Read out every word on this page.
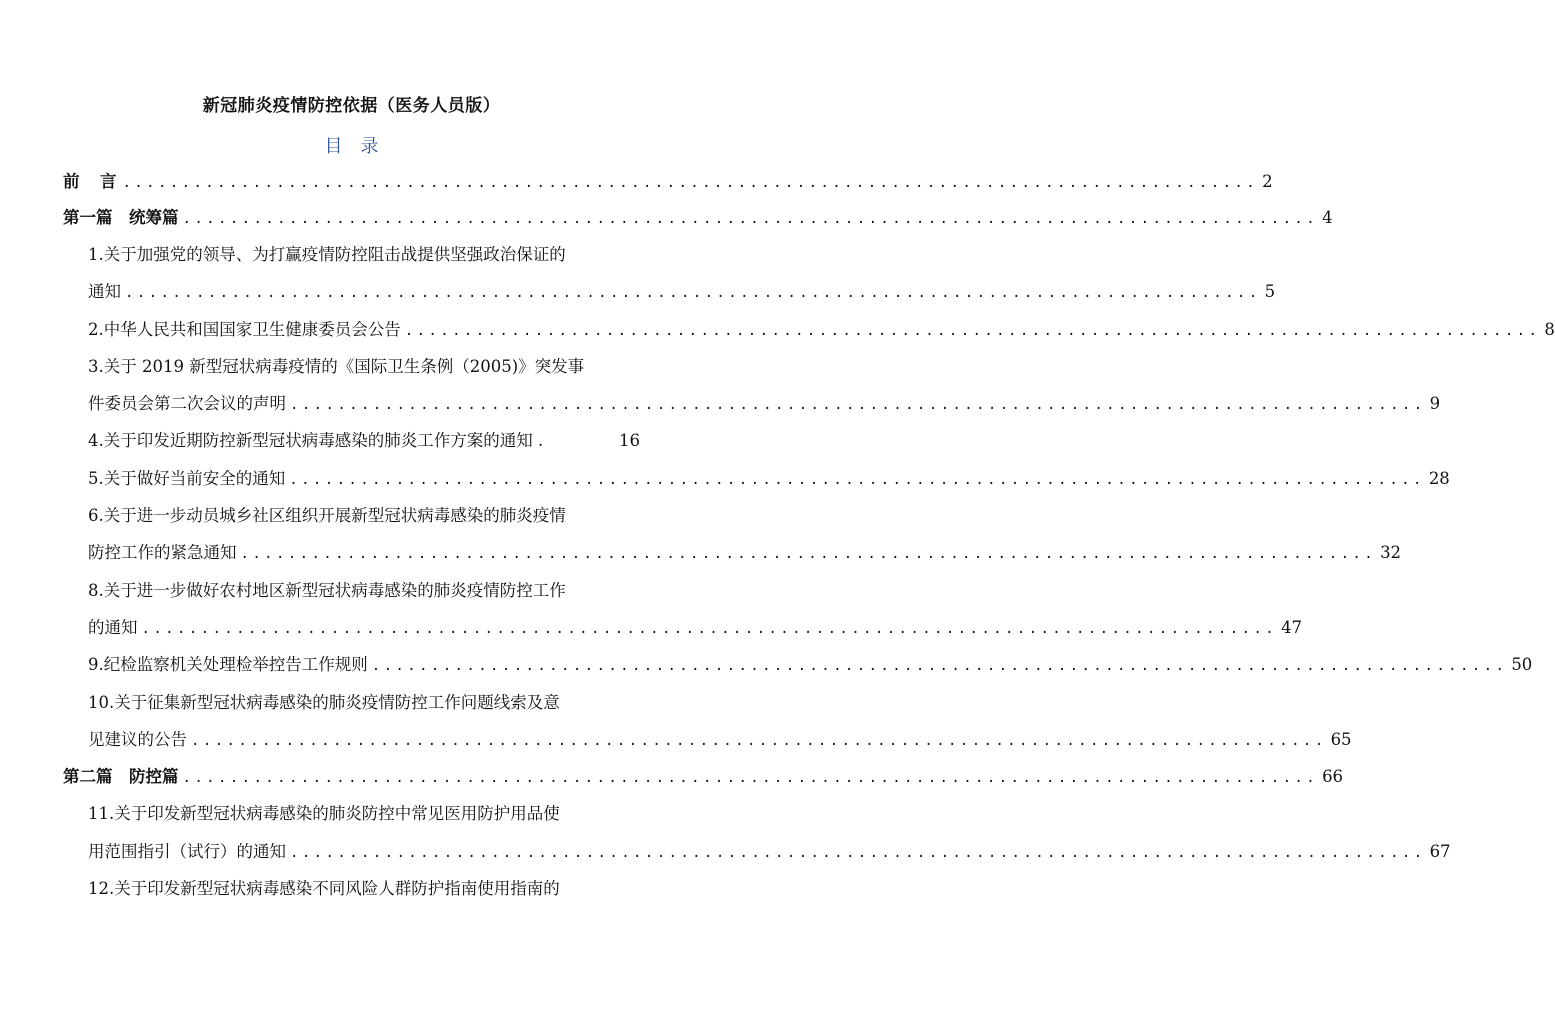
新冠肺炎疫情防控依据（医务人员版）
目　录
前　言 ................................................................................................ 2
第一篇　统筹篇 ................................................................................................ 4
1.关于加强党的领导、为打赢疫情防控阻击战提供坚强政治保证的
通知 ................................................................................................ 5
2.中华人民共和国国家卫生健康委员会公告 ................................................................................................ 8
3.关于 2019 新型冠状病毒疫情的《国际卫生条例（2005)》突发事
件委员会第二次会议的声明 ................................................................................................ 9
4.关于印发近期防控新型冠状病毒感染的肺炎工作方案的通知 .	16
5.关于做好当前安全的通知 ................................................................................................ 28
6.关于进一步动员城乡社区组织开展新型冠状病毒感染的肺炎疫情
防控工作的紧急通知 ................................................................................................ 32
8.关于进一步做好农村地区新型冠状病毒感染的肺炎疫情防控工作
的通知 ................................................................................................ 47
9.纪检监察机关处理检举控告工作规则 ................................................................................................ 50
10.关于征集新型冠状病毒感染的肺炎疫情防控工作问题线索及意
见建议的公告 ................................................................................................ 65
第二篇　防控篇 ................................................................................................ 66
11.关于印发新型冠状病毒感染的肺炎防控中常见医用防护用品使
用范围指引（试行）的通知 ................................................................................................ 67
12.关于印发新型冠状病毒感染不同风险人群防护指南使用指南的
